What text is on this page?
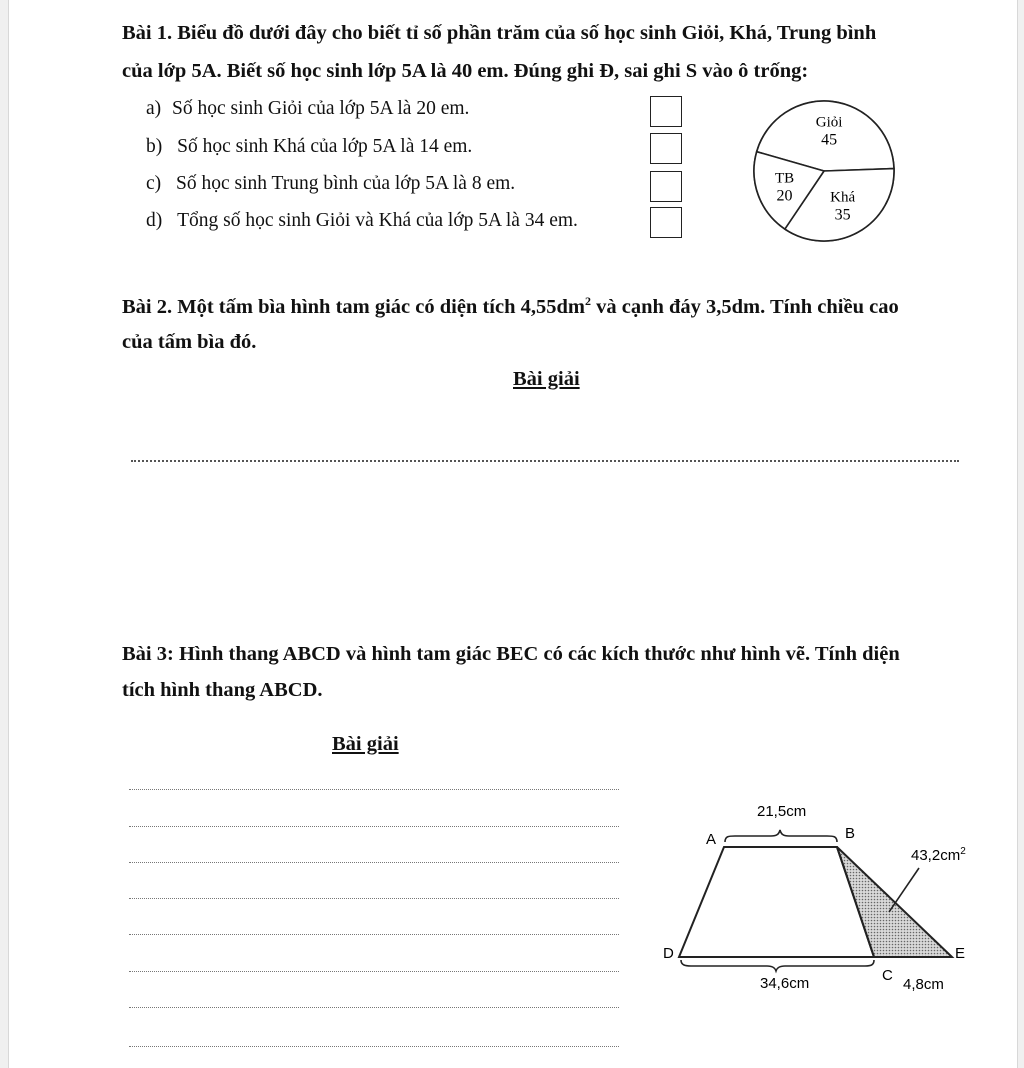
Bài 1. Biểu đồ dưới đây cho biết tỉ số phần trăm của số học sinh Giỏi, Khá, Trung bình
của lớp 5A. Biết số học sinh lớp 5A là 40 em. Đúng ghi Đ, sai ghi S vào ô trống:
a) Số học sinh Giỏi của lớp 5A là 20 em.
b) Số học sinh Khá của lớp 5A là 14 em.
c) Số học sinh Trung bình của lớp 5A là 8 em.
d) Tổng số học sinh Giỏi và Khá của lớp 5A là 34 em.
Giỏi
45
Khá
35
TB
20
Bài 2. Một tấm bìa hình tam giác có diện tích $4,55dm^2$ và cạnh đáy 3,5dm. Tính chiều cao
của tấm bìa đó.
Bài giải
Bài 3: Hình thang ABCD và hình tam giác BEC có các kích thước như hình vẽ. Tính diện
tích hình thang ABCD.
Bài giải
21,5cm
A	B
$43,2cm^2$
D	E
C
34,6cm	4,8cm
